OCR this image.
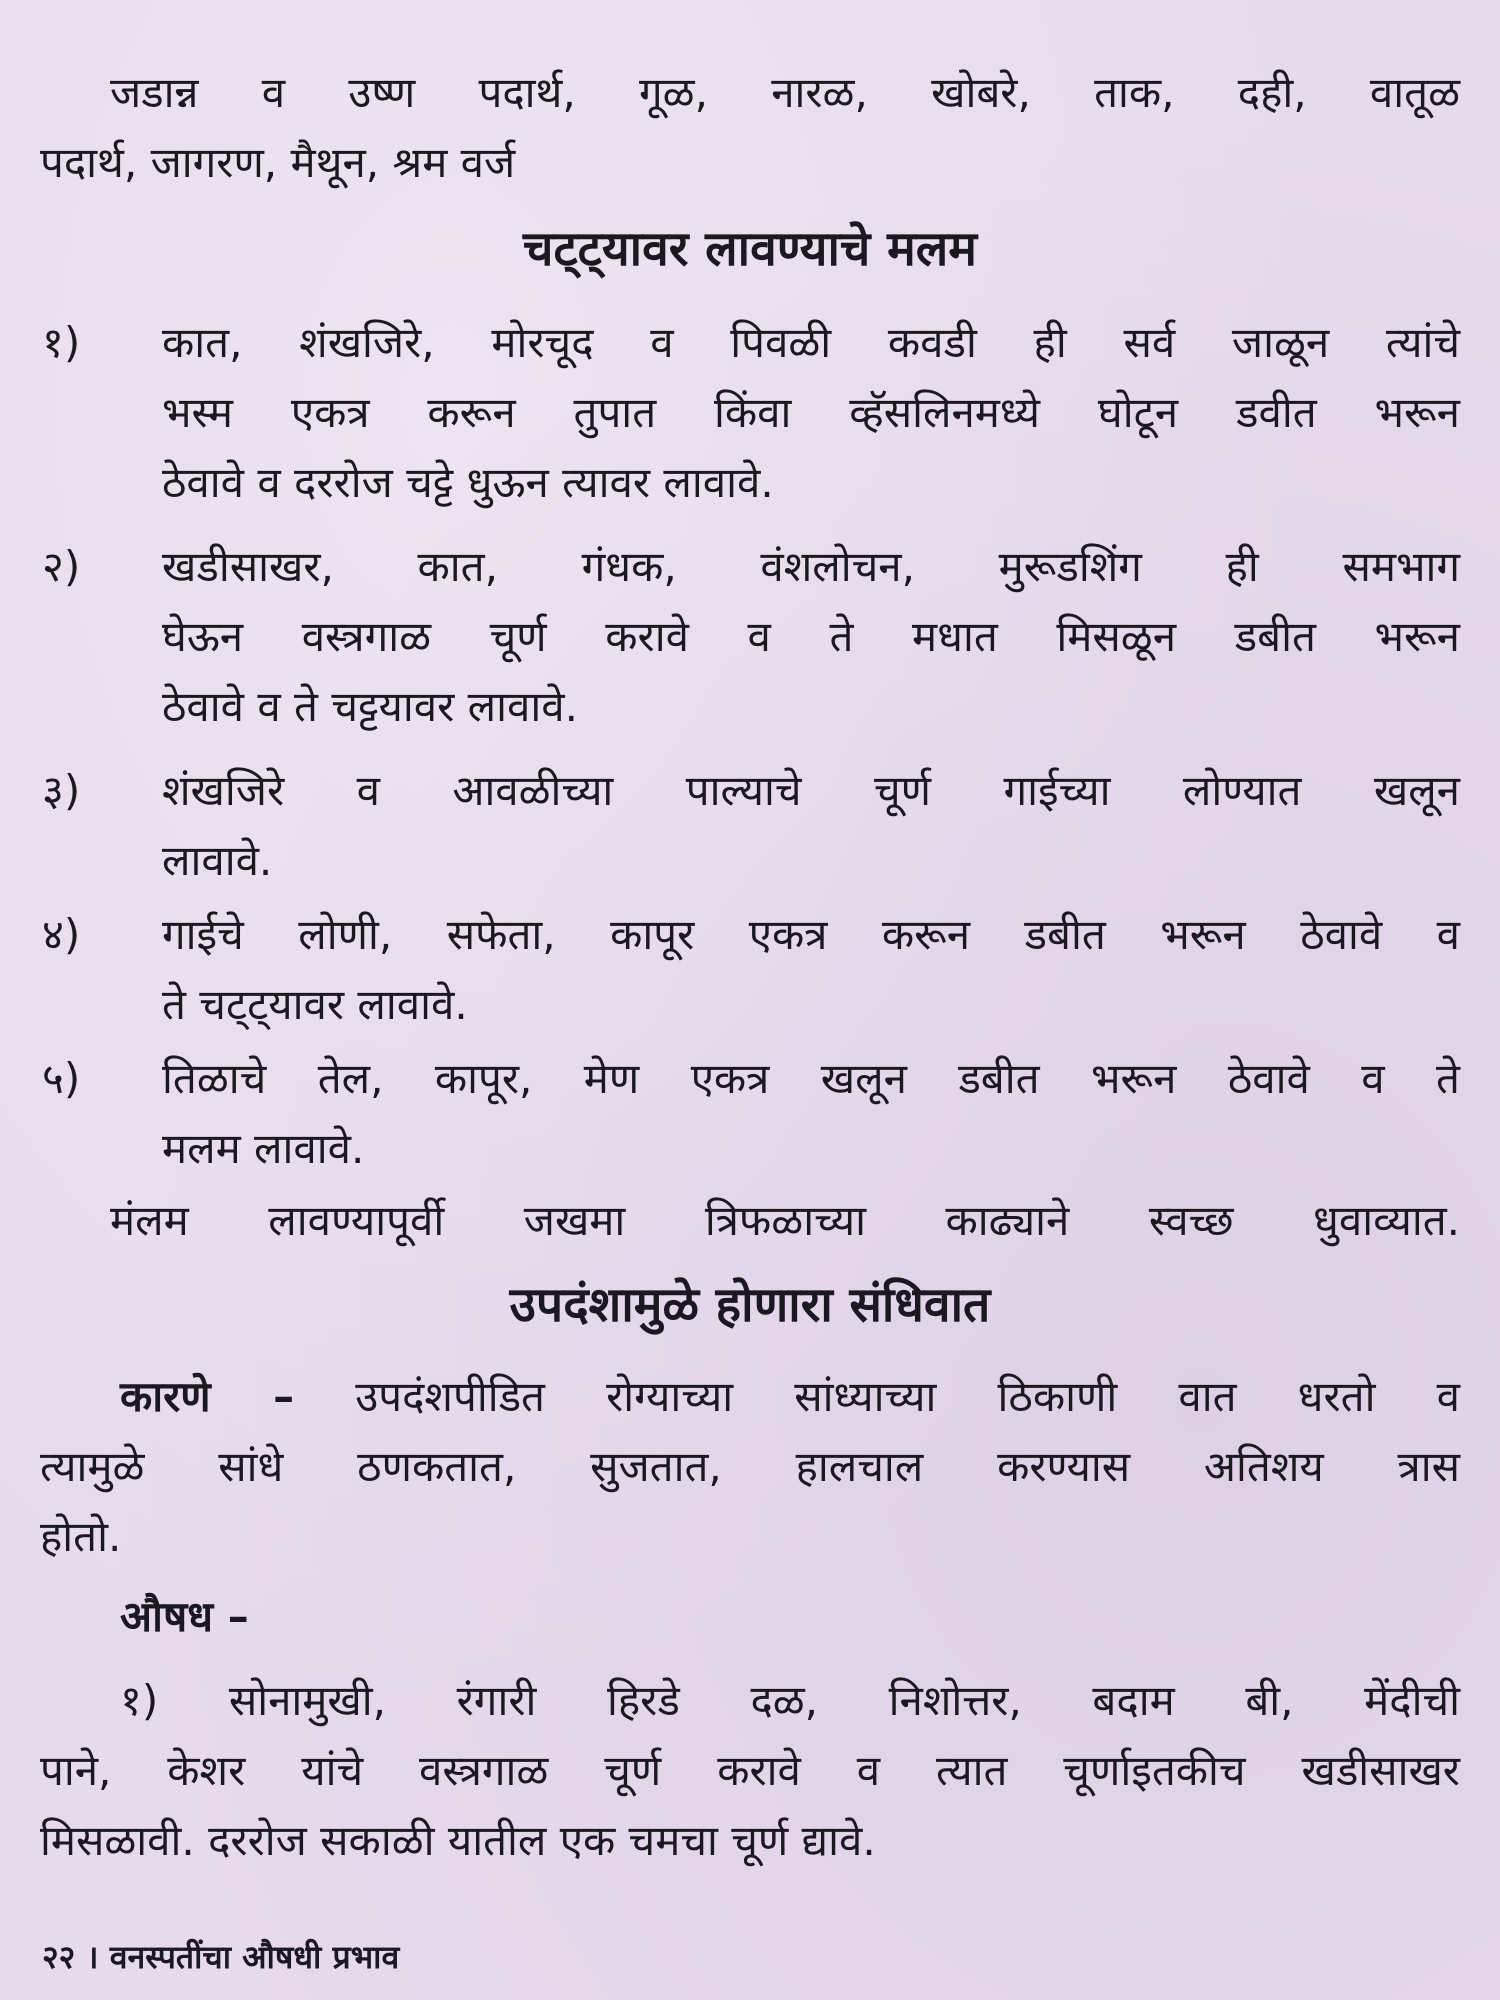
जडान्न व उष्ण पदार्थ, गूळ, नारळ, खोबरे, ताक, दही, वातूळ
पदार्थ, जागरण, मैथून, श्रम वर्ज
चट्ट्यावर लावण्याचे मलम
१) कात, शंखजिरे, मोरचूद व पिवळी कवडी ही सर्व जाळून त्यांचे
भस्म एकत्र करून तुपात किंवा व्हॅसलिनमध्ये घोटून डवीत भरून
ठेवावे व दररोज चट्टे धुऊन त्यावर लावावे.
२) खडीसाखर, कात, गंधक, वंशलोचन, मुरूडशिंग ही समभाग
घेऊन वस्त्रगाळ चूर्ण करावे व ते मधात मिसळून डबीत भरून
ठेवावे व ते चट्टयावर लावावे.
३) शंखजिरे व आवळीच्या पाल्याचे चूर्ण गाईच्या लोण्यात खलून
लावावे.
४) गाईचे लोणी, सफेता, कापूर एकत्र करून डबीत भरून ठेवावे व
ते चट्ट्यावर लावावे.
५) तिळाचे तेल, कापूर, मेण एकत्र खलून डबीत भरून ठेवावे व ते
मलम लावावे.
मंलम लावण्यापूर्वी जखमा त्रिफळाच्या काढ्याने स्वच्छ धुवाव्यात.
उपदंशामुळे होणारा संधिवात
कारणे – उपदंशपीडित रोग्याच्या सांध्याच्या ठिकाणी वात धरतो व
त्यामुळे सांधे ठणकतात, सुजतात, हालचाल करण्यास अतिशय त्रास
होतो.
औषध –
१) सोनामुखी, रंगारी हिरडे दळ, निशोत्तर, बदाम बी, मेंदीची
पाने, केशर यांचे वस्त्रगाळ चूर्ण करावे व त्यात चूर्णाइतकीच खडीसाखर
मिसळावी. दररोज सकाळी यातील एक चमचा चूर्ण द्यावे.
२२ । वनस्पतींचा औषधी प्रभाव
